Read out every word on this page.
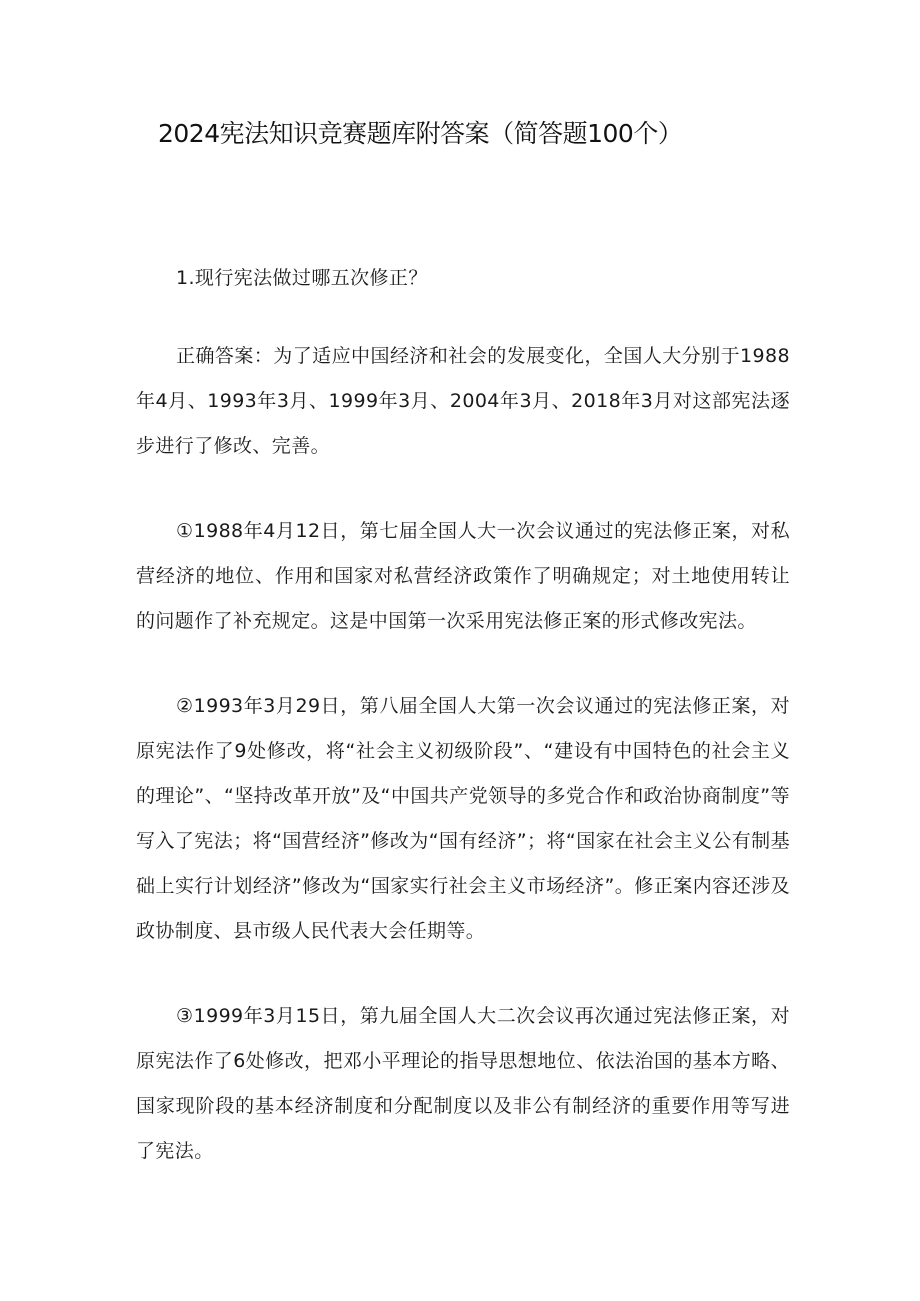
2024宪法知识竞赛题库附答案（简答题100个）

1.现行宪法做过哪五次修正？

正确答案：为了适应中国经济和社会的发展变化，全国人大分别于1988年4月、1993年3月、1999年3月、2004年3月、2018年3月对这部宪法逐步进行了修改、完善。

①1988年4月12日，第七届全国人大一次会议通过的宪法修正案，对私营经济的地位、作用和国家对私营经济政策作了明确规定；对土地使用转让的问题作了补充规定。这是中国第一次采用宪法修正案的形式修改宪法。

②1993年3月29日，第八届全国人大第一次会议通过的宪法修正案，对原宪法作了9处修改，将“社会主义初级阶段”、“建设有中国特色的社会主义的理论”、“坚持改革开放”及“中国共产党领导的多党合作和政治协商制度”等写入了宪法；将“国营经济”修改为“国有经济”；将“国家在社会主义公有制基础上实行计划经济”修改为“国家实行社会主义市场经济”。修正案内容还涉及政协制度、县市级人民代表大会任期等。

③1999年3月15日，第九届全国人大二次会议再次通过宪法修正案，对原宪法作了6处修改，把邓小平理论的指导思想地位、依法治国的基本方略、国家现阶段的基本经济制度和分配制度以及非公有制经济的重要作用等写进了宪法。
